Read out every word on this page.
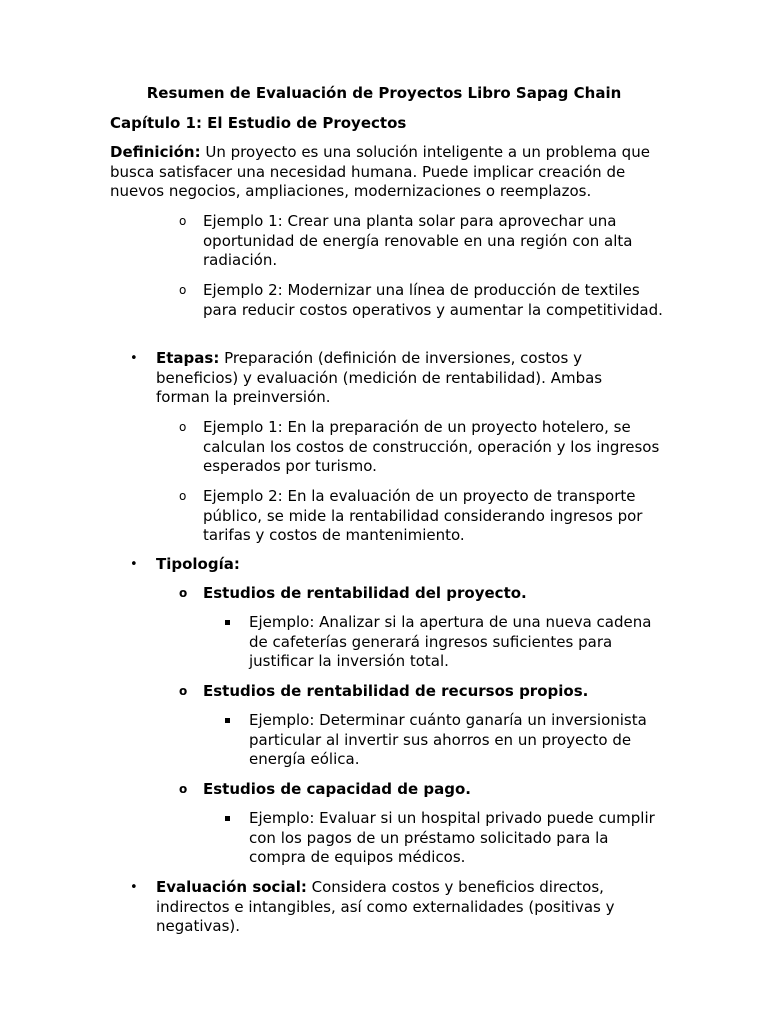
Resumen de Evaluación de Proyectos Libro Sapag Chain
Capítulo 1: El Estudio de Proyectos
Definición: Un proyecto es una solución inteligente a un problema que busca satisfacer una necesidad humana. Puede implicar creación de nuevos negocios, ampliaciones, modernizaciones o reemplazos.
o Ejemplo 1: Crear una planta solar para aprovechar una oportunidad de energía renovable en una región con alta radiación.
o Ejemplo 2: Modernizar una línea de producción de textiles para reducir costos operativos y aumentar la competitividad.
• Etapas: Preparación (definición de inversiones, costos y beneficios) y evaluación (medición de rentabilidad). Ambas forman la preinversión.
o Ejemplo 1: En la preparación de un proyecto hotelero, se calculan los costos de construcción, operación y los ingresos esperados por turismo.
o Ejemplo 2: En la evaluación de un proyecto de transporte público, se mide la rentabilidad considerando ingresos por tarifas y costos de mantenimiento.
• Tipología:
o Estudios de rentabilidad del proyecto.
Ejemplo: Analizar si la apertura de una nueva cadena de cafeterías generará ingresos suficientes para justificar la inversión total.
o Estudios de rentabilidad de recursos propios.
Ejemplo: Determinar cuánto ganaría un inversionista particular al invertir sus ahorros en un proyecto de energía eólica.
o Estudios de capacidad de pago.
Ejemplo: Evaluar si un hospital privado puede cumplir con los pagos de un préstamo solicitado para la compra de equipos médicos.
• Evaluación social: Considera costos y beneficios directos, indirectos e intangibles, así como externalidades (positivas y negativas).
